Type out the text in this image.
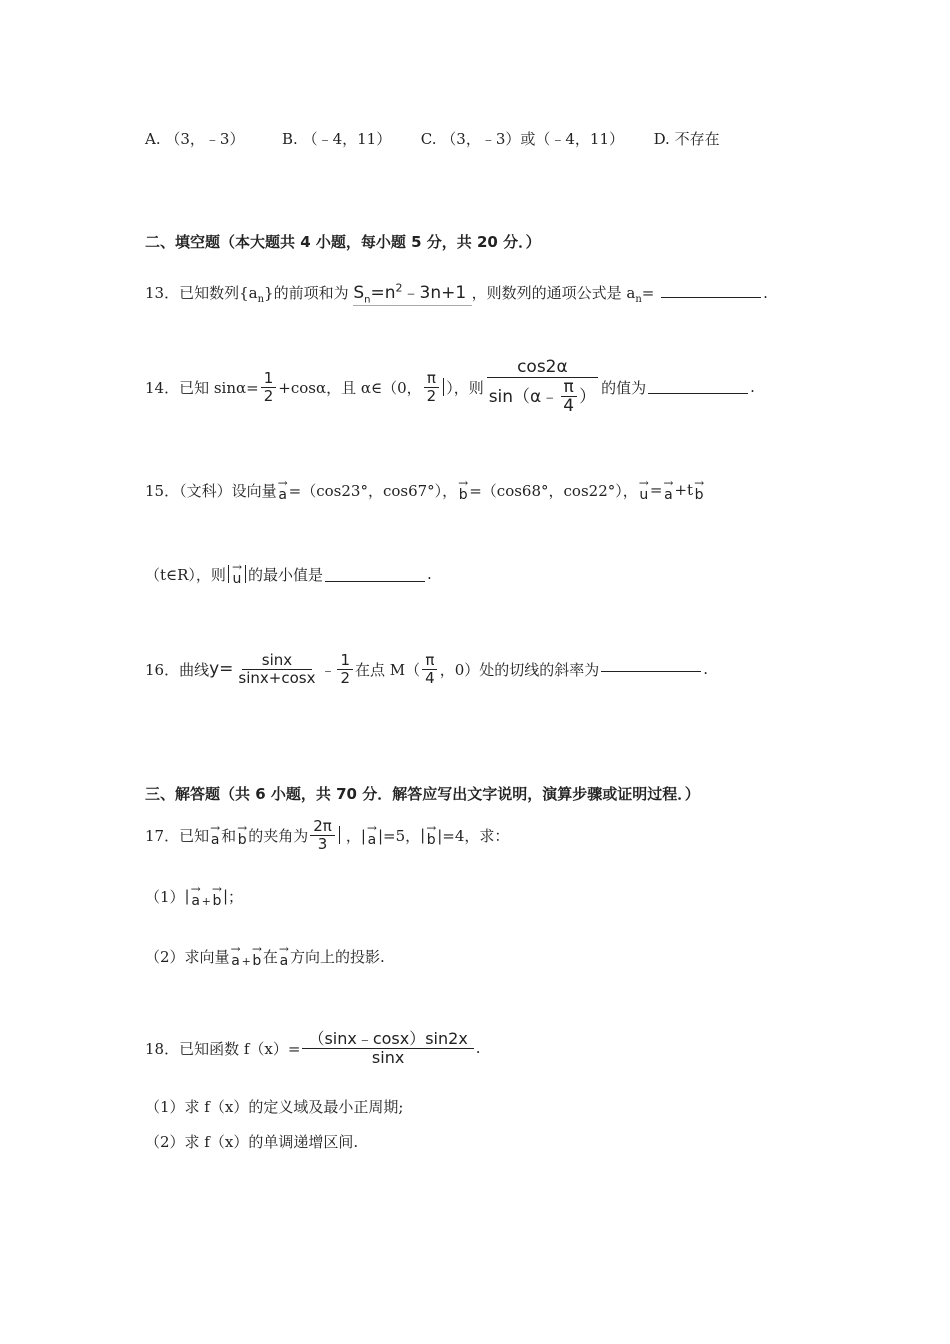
A. （3，﹣3）	B. （﹣4，11） C. （3，﹣3）或（﹣4，11） D. 不存在
二、填空题（本大题共 4 小题，每小题 5 分，共 20 分．）
13．已知数列$\{a_n\}$的前项和为 $S_n=n^2﹣3n+1$ ，则数列的通项公式是 $a_n=$	.
14．已知 $\sin\alpha= \frac{1}{2} +\cos\alpha$，且 α∈（0， $\frac{\pi}{2}$ ），则 $\frac{\cos 2\alpha}{\sin(\alpha﹣ \frac{\pi}{4} )}$ 的值为	.
15．（文科）设向量 →
a =（cos23°，cos67°）， →
b =（cos68°，cos22°）， →
u = →
a +t →
b
（t∈R），则 →
u 的最小值是	.
16．曲线 $y= \frac{\sin x}{\sin x+\cos x}$ ﹣ $\frac{1}{2}$ 在点 $M( \frac{\pi}{4}$ ，0）处的切线的斜率为	.
三、解答题（共 6 小题，共 70 分．解答应写出文字说明，演算步骤或证明过程．）
17．已知 →
a 和 →
b 的夹角为 $\frac{2\pi}{3}$ ，| →
a |=5， | →
b |=4，求：
（1） | →
a +
→
b | ；
（2）求向量 →
a +
→
b 在 →
a 方向上的投影.
18．已知函数 $f(x)= \frac{(\sin x﹣\cos x)\sin 2x}{\sin x}$ .
（1）求 f（x）的定义域及最小正周期;
（2）求 f（x）的单调递增区间.
